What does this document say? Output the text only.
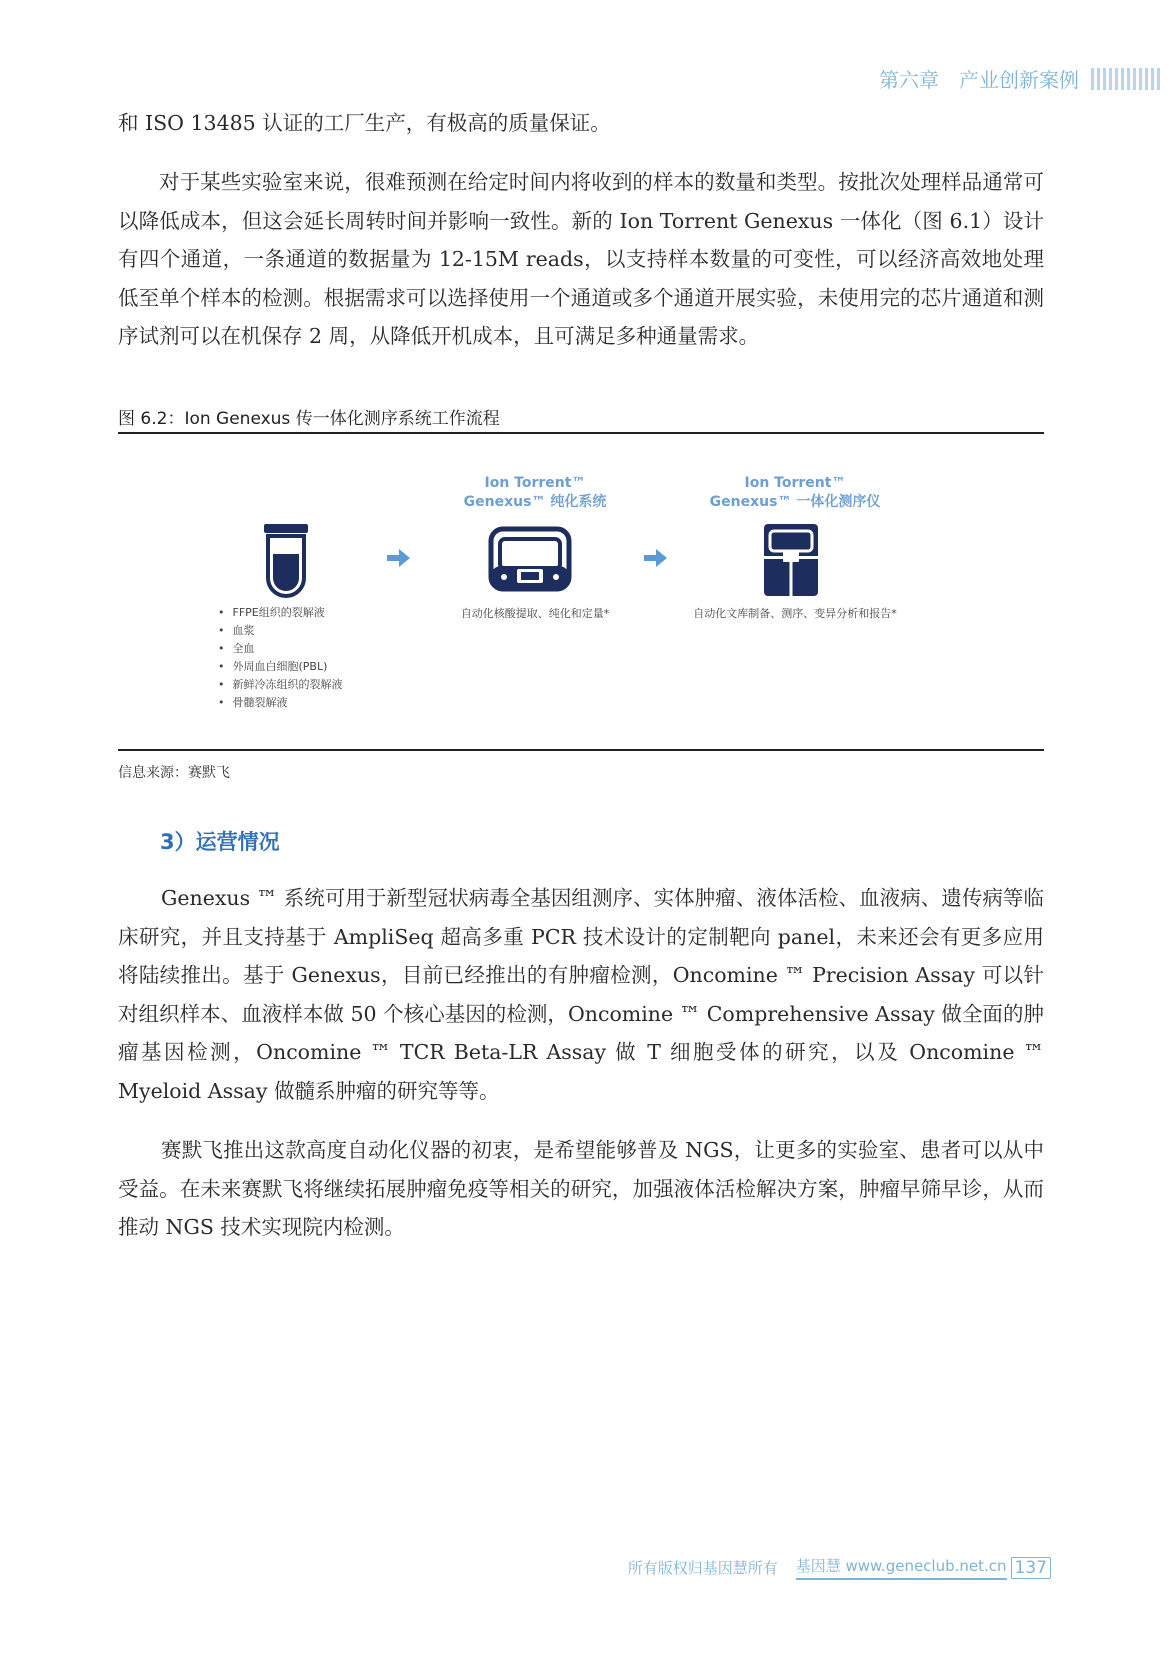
第六章 产业创新案例

和 ISO 13485 认证的工厂生产，有极高的质量保证。

对于某些实验室来说，很难预测在给定时间内将收到的样本的数量和类型。按批次处理样品通常可以降低成本，但这会延长周转时间并影响一致性。新的 Ion Torrent Genexus 一体化（图 6.1）设计有四个通道，一条通道的数据量为 12-15M reads，以支持样本数量的可变性，可以经济高效地处理低至单个样本的检测。根据需求可以选择使用一个通道或多个通道开展实验，未使用完的芯片通道和测序试剂可以在机保存 2 周，从降低开机成本，且可满足多种通量需求。

图 6.2：Ion Genexus 传一体化测序系统工作流程
• FFPE组织的裂解液
• 血浆
• 全血
• 外周血白细胞(PBL)
• 新鲜冷冻组织的裂解液
• 骨髓裂解液
Ion Torrent™
Genexus™ 纯化系统
自动化核酸提取、纯化和定量*
Ion Torrent™
Genexus™ 一体化测序仪
自动化文库制备、测序、变异分析和报告*
信息来源：赛默飞
3）运营情况

Genexus ™ 系统可用于新型冠状病毒全基因组测序、实体肿瘤、液体活检、血液病、遗传病等临床研究，并且支持基于 AmpliSeq 超高多重 PCR 技术设计的定制靶向 panel，未来还会有更多应用将陆续推出。基于 Genexus，目前已经推出的有肿瘤检测，Oncomine ™ Precision Assay 可以针对组织样本、血液样本做 50 个核心基因的检测，Oncomine ™ Comprehensive Assay 做全面的肿瘤基因检测，Oncomine ™ TCR Beta-LR Assay 做 T 细胞受体的研究，以及 Oncomine ™ Myeloid Assay 做髓系肿瘤的研究等等。

赛默飞推出这款高度自动化仪器的初衷，是希望能够普及 NGS，让更多的实验室、患者可以从中受益。在未来赛默飞将继续拓展肿瘤免疫等相关的研究，加强液体活检解决方案，肿瘤早筛早诊，从而推动 NGS 技术实现院内检测。

所有版权归基因慧所有 基因慧 www.geneclub.net.cn 137
